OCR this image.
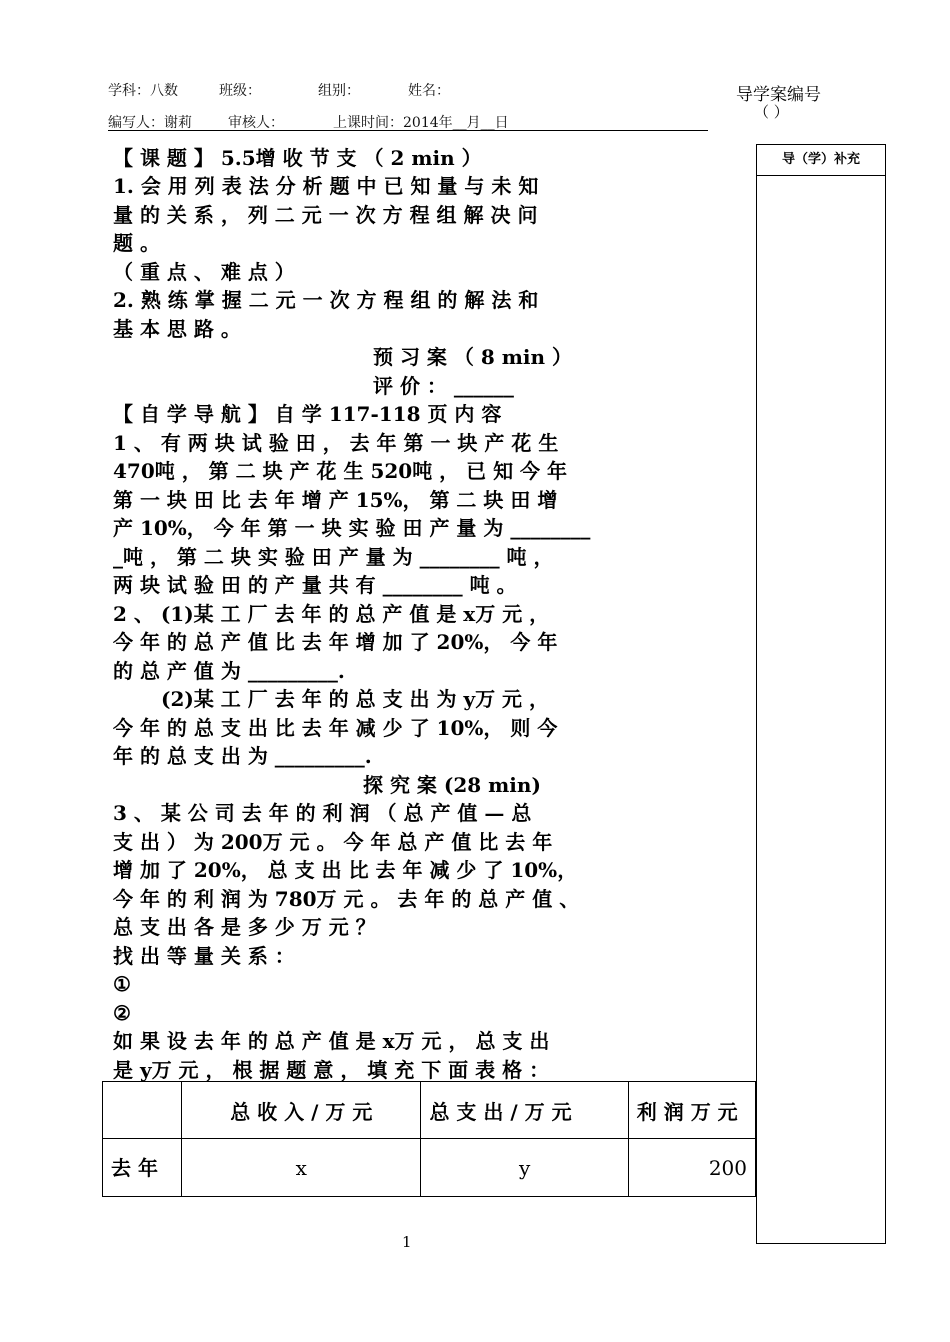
学科：八数	班级：	组别：	姓名：
编写人：谢莉	审核人：	上课时间：2014年__月__日
导学案编号
（ ）
导（学）补充
【 课 题 】 5.5增 收 节 支 （ 2 min ）
1. 会 用 列 表 法 分 析 题 中 已 知 量 与 未 知
量 的 关 系 ， 列 二 元 一 次 方 程 组 解 决 问
题 。
（ 重 点 、 难 点 ）
2. 熟 练 掌 握 二 元 一 次 方 程 组 的 解 法 和
基 本 思 路 。
预 习 案 （ 8 min ）
评 价 ： ______
【 自 学 导 航 】 自 学 117-118 页 内 容
1 、 有 两 块 试 验 田 ， 去 年 第 一 块 产 花 生
470吨 ， 第 二 块 产 花 生 520吨 ， 已 知 今 年
第 一 块 田 比 去 年 增 产 15%， 第 二 块 田 增
产 10%， 今 年 第 一 块 实 验 田 产 量 为 ________
_吨 ， 第 二 块 实 验 田 产 量 为 ________ 吨 ，
两 块 试 验 田 的 产 量 共 有 ________ 吨 。
2 、 (1)某 工 厂 去 年 的 总 产 值 是 x万 元 ，
今 年 的 总 产 值 比 去 年 增 加 了 20%， 今 年
的 总 产 值 为 _________.
(2)某 工 厂 去 年 的 总 支 出 为 y万 元 ，
今 年 的 总 支 出 比 去 年 减 少 了 10%， 则 今
年 的 总 支 出 为 _________.
探 究 案 (28 min)
3 、 某 公 司 去 年 的 利 润 （ 总 产 值 — 总
支 出 ） 为 200万 元 。 今 年 总 产 值 比 去 年
增 加 了 20%， 总 支 出 比 去 年 减 少 了 10%，
今 年 的 利 润 为 780万 元 。 去 年 的 总 产 值 、
总 支 出 各 是 多 少 万 元 ？
找 出 等 量 关 系 ：
①
②
如 果 设 去 年 的 总 产 值 是 x万 元 ， 总 支 出
是 y万 元 ， 根 据 题 意 ， 填 充 下 面 表 格 ：
	总 收 入 / 万 元	总 支 出 / 万 元	利 润 万 元
去 年	x	y	200
1
